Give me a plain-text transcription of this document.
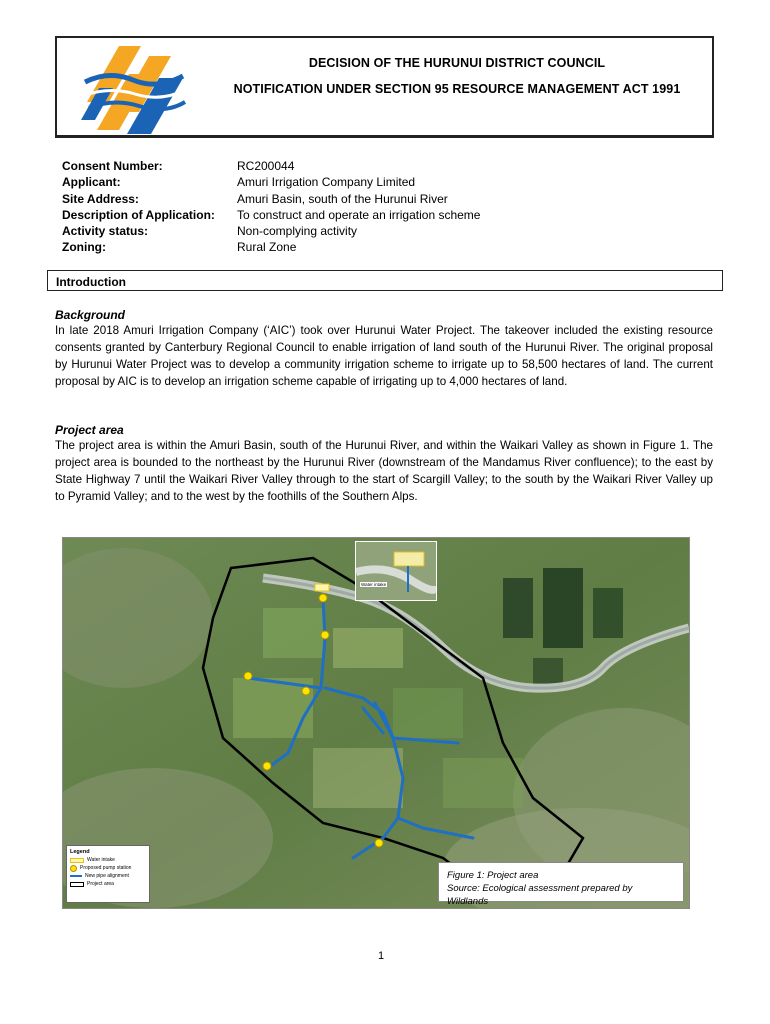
DECISION OF THE HURUNUI DISTRICT COUNCIL
NOTIFICATION UNDER SECTION 95 RESOURCE MANAGEMENT ACT 1991
Consent Number:	RC200044
Applicant:	Amuri Irrigation Company Limited
Site Address:	Amuri Basin, south of the Hurunui River
Description of Application:	To construct and operate an irrigation scheme
Activity status:	Non-complying activity
Zoning:	Rural Zone
Introduction
Background
In late 2018 Amuri Irrigation Company (‘AIC’) took over Hurunui Water Project. The takeover included the existing resource consents granted by Canterbury Regional Council to enable irrigation of land south of the Hurunui River. The original proposal by Hurunui Water Project was to develop a community irrigation scheme to irrigate up to 58,500 hectares of land. The current proposal by AIC is to develop an irrigation scheme capable of irrigating up to 4,000 hectares of land.
Project area
The project area is within the Amuri Basin, south of the Hurunui River, and within the Waikari Valley as shown in Figure 1. The project area is bounded to the northeast by the Hurunui River (downstream of the Mandamus River confluence); to the east by State Highway 7 until the Waikari River Valley through to the start of Scargill Valley; to the south by the Waikari River Valley up to Pyramid Valley; and to the west by the foothills of the Southern Alps.
Water intake
Legend
Water intake
Proposed pump station
New pipe alignment
Project area
Figure 1: Project area
Source: Ecological assessment prepared by Wildlands
1
